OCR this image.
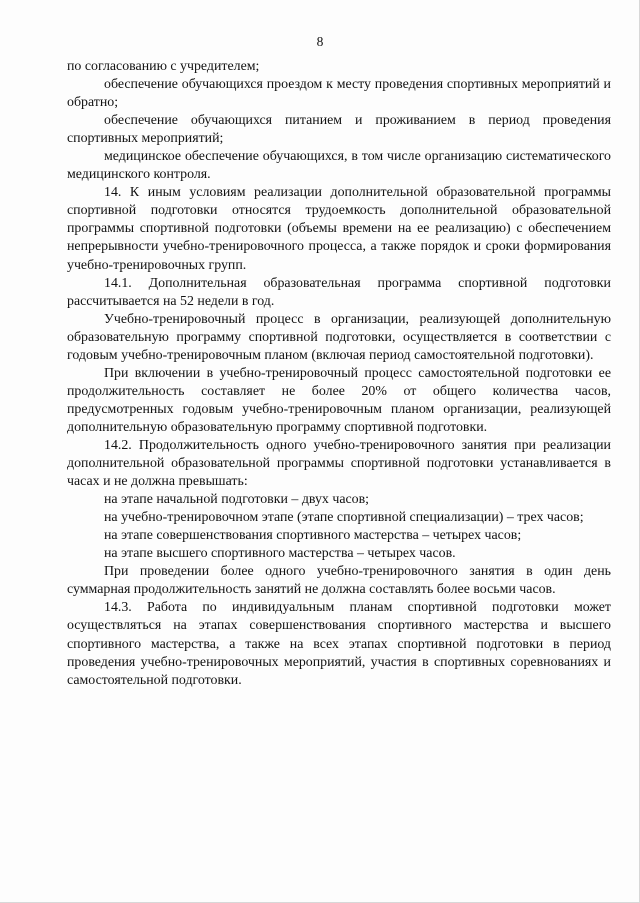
8

по согласованию с учредителем;

обеспечение обучающихся проездом к месту проведения спортивных мероприятий и обратно;

обеспечение обучающихся питанием и проживанием в период проведения спортивных мероприятий;

медицинское обеспечение обучающихся, в том числе организацию систематического медицинского контроля.

14. К иным условиям реализации дополнительной образовательной программы спортивной подготовки относятся трудоемкость дополнительной образовательной программы спортивной подготовки (объемы времени на ее реализацию) с обеспечением непрерывности учебно-тренировочного процесса, а также порядок и сроки формирования учебно-тренировочных групп.

14.1. Дополнительная образовательная программа спортивной подготовки рассчитывается на 52 недели в год.

Учебно-тренировочный процесс в организации, реализующей дополнительную образовательную программу спортивной подготовки, осуществляется в соответствии с годовым учебно-тренировочным планом (включая период самостоятельной подготовки).

При включении в учебно-тренировочный процесс самостоятельной подготовки ее продолжительность составляет не более 20% от общего количества часов, предусмотренных годовым учебно-тренировочным планом организации, реализующей дополнительную образовательную программу спортивной подготовки.

14.2. Продолжительность одного учебно-тренировочного занятия при реализации дополнительной образовательной программы спортивной подготовки устанавливается в часах и не должна превышать:

на этапе начальной подготовки – двух часов;

на учебно-тренировочном этапе (этапе спортивной специализации) – трех часов;

на этапе совершенствования спортивного мастерства – четырех часов;

на этапе высшего спортивного мастерства – четырех часов.

При проведении более одного учебно-тренировочного занятия в один день суммарная продолжительность занятий не должна составлять более восьми часов.

14.3. Работа по индивидуальным планам спортивной подготовки может осуществляться на этапах совершенствования спортивного мастерства и высшего спортивного мастерства, а также на всех этапах спортивной подготовки в период проведения учебно-тренировочных мероприятий, участия в спортивных соревнованиях и самостоятельной подготовки.
